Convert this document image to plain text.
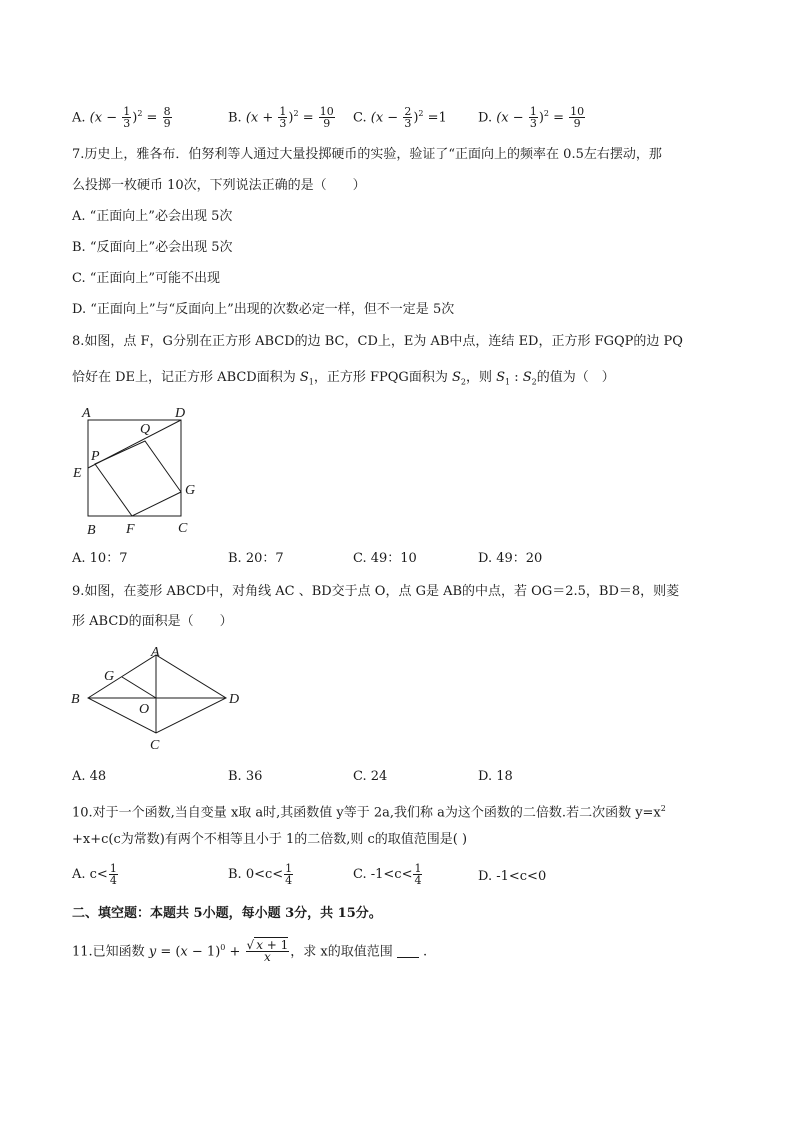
A. $(x - \frac{1}{3} )^2 = \frac{8}{9}$	B. $(x + \frac{1}{3} )^2 = \frac{10}{9} C$. $(x - \frac{2}{3} )^2 =1$ D. $(x - \frac{1}{3} )^2 = \frac{10}{9}$
7.历史上，雅各布．伯努利等人通过大量投掷硬币的实验，验证了“正面向上的频率在 0.5左右摆动，那
么投掷一枚硬币 10次，下列说法正确的是（　　）
A. “正面向上”必会出现 5次
B. “反面向上”必会出现 5次
C. “正面向上”可能不出现
D. “正面向上”与“反面向上”出现的次数必定一样，但不一定是 5次
8.如图，点 F，G分别在正方形 ABCD的边 BC，CD上，E为 AB中点，连结 ED，正方形 FGQP的边 PQ
恰好在 DE上，记正方形 ABCD面积为 $S_1$，正方形 FPQG面积为 $S_2$，则 $S_1$ : $S_2$的值为（　）
A	D
Q
P
E
G
B F	C
A. 10：7	B. 20：7	C. 49：10	D. 49：20
9.如图，在菱形 ABCD中，对角线 AC 、BD交于点 O，点 G是 AB的中点，若 OG＝2.5，BD＝8，则菱
形 ABCD的面积是（　　）
A
G
B
O
D
C
A. 48	B. 36	C. 24	D. 18
10.对于一个函数,当自变量 x取 a时,其函数值 y等于 2a,我们称 a为这个函数的二倍数.若二次函数 $y=x^2$
+x+c(c为常数)有两个不相等且小于 1的二倍数,则 c的取值范围是( )
A. $c< \frac{1}{4}$	B. $0<c< \frac{1}{4}$	C. $-1<c< \frac{1}{4}$	D. -1<c<0
二、填空题：本题共 5小题，每小题 3分，共 15分。
11.已知函数 $y = (x - 1)^0 + \frac{√ x + 1}{x}$ ，求 x的取值范围 .
